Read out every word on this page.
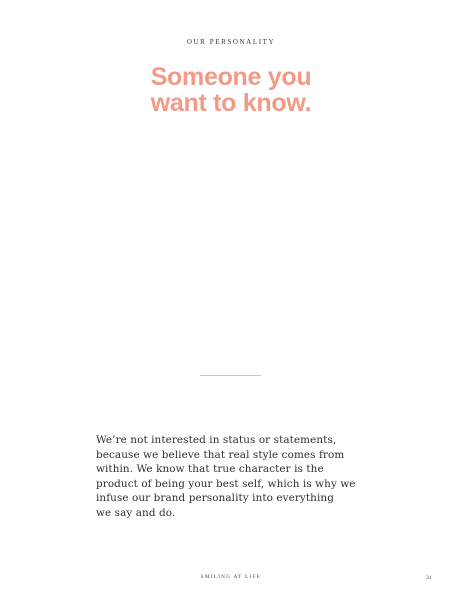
OUR PERSONALITY
Someone you
want to know.
We’re not interested in status or statements,
because we believe that real style comes from
within. We know that true character is the
product of being your best self, which is why we
infuse our brand personality into everything
we say and do.
SMILING AT LIFE	31
